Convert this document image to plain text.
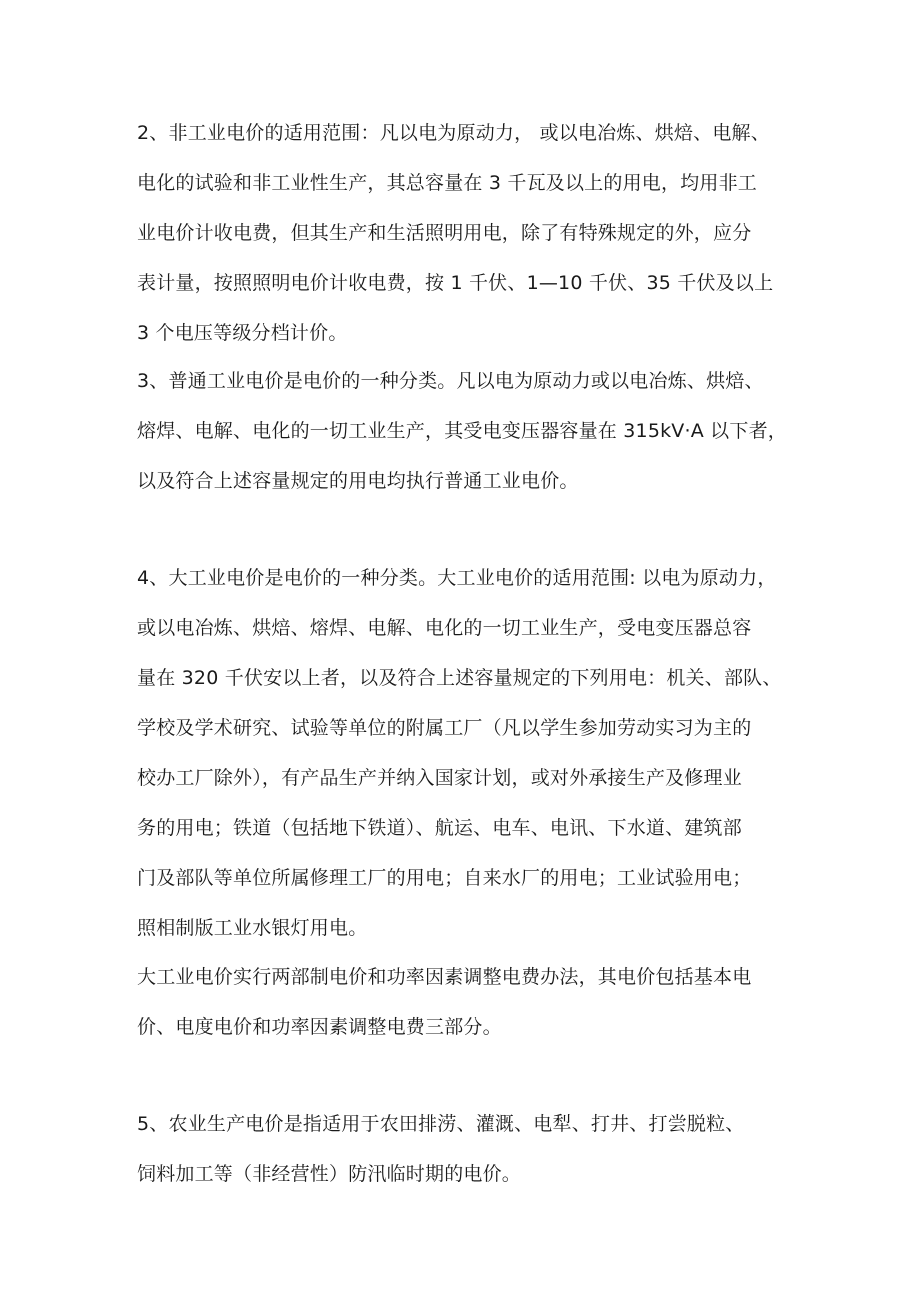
2、非工业电价的适用范围：凡以电为原动力， 或以电冶炼、烘焙、电解、
电化的试验和非工业性生产，其总容量在 3 千瓦及以上的用电，均用非工
业电价计收电费，但其生产和生活照明用电，除了有特殊规定的外，应分
表计量，按照照明电价计收电费，按 1 千伏、1—10 千伏、35 千伏及以上
3 个电压等级分档计价。
3、普通工业电价是电价的一种分类。凡以电为原动力或以电冶炼、烘焙、
熔焊、电解、电化的一切工业生产，其受电变压器容量在 315kV·A 以下者，
以及符合上述容量规定的用电均执行普通工业电价。
4、大工业电价是电价的一种分类。大工业电价的适用范围: 以电为原动力，
或以电冶炼、烘焙、熔焊、电解、电化的一切工业生产，受电变压器总容
量在 320 千伏安以上者，以及符合上述容量规定的下列用电：机关、部队、
学校及学术研究、试验等单位的附属工厂（凡以学生参加劳动实习为主的
校办工厂除外），有产品生产并纳入国家计划，或对外承接生产及修理业
务的用电；铁道（包括地下铁道）、航运、电车、电讯、下水道、建筑部
门及部队等单位所属修理工厂的用电；自来水厂的用电；工业试验用电；
照相制版工业水银灯用电。
大工业电价实行两部制电价和功率因素调整电费办法，其电价包括基本电
价、电度电价和功率因素调整电费三部分。
5、农业生产电价是指适用于农田排涝、灌溉、电犁、打井、打尝脱粒、
饲料加工等（非经营性）防汛临时期的电价。
